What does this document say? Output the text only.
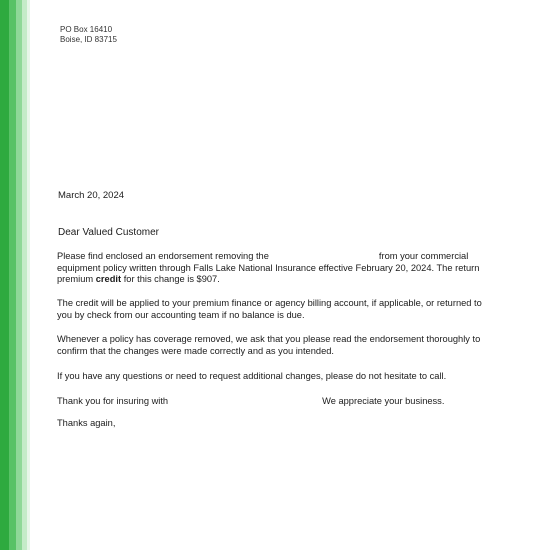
PO Box 16410
Boise, ID 83715
March 20, 2024
Dear Valued Customer
Please find enclosed an endorsement removing the	from your commercial
equipment policy written through Falls Lake National Insurance effective February 20, 2024. The return
premium credit for this change is $907.
The credit will be applied to your premium finance or agency billing account, if applicable, or returned to
you by check from our accounting team if no balance is due.
Whenever a policy has coverage removed, we ask that you please read the endorsement thoroughly to
confirm that the changes were made correctly and as you intended.
If you have any questions or need to request additional changes, please do not hesitate to call.
Thank you for insuring with	We appreciate your business.
Thanks again,
